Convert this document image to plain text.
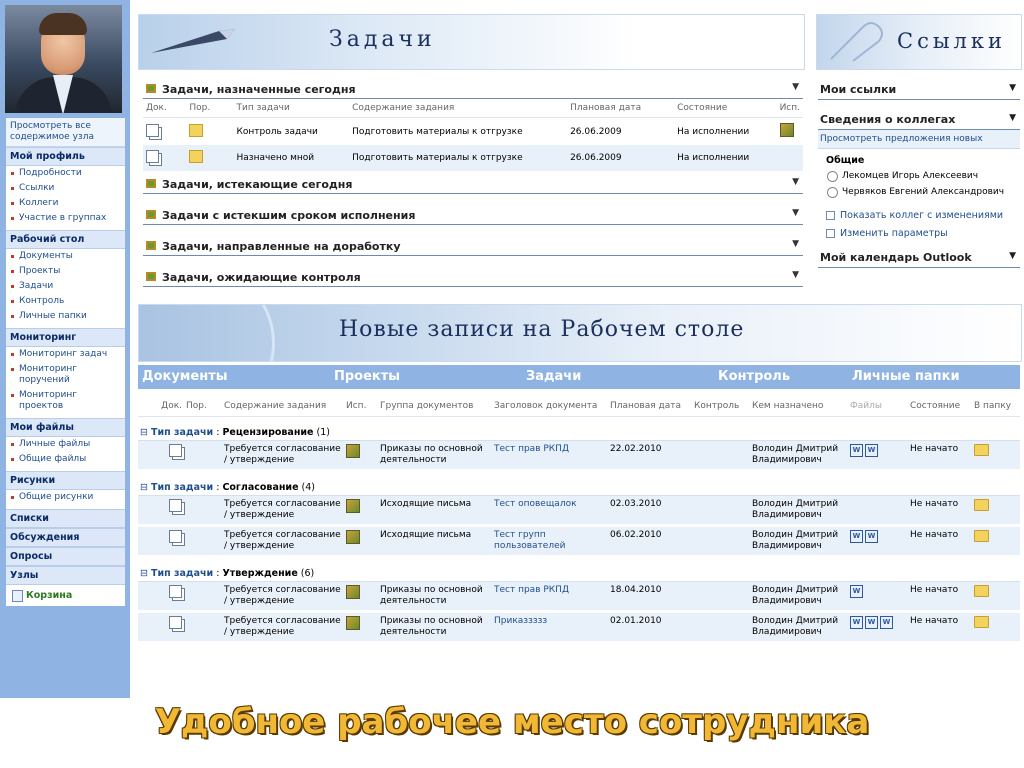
Просмотреть все содержимое узла
Мой профиль
Подробности
Ссылки
Коллеги
Участие в группах
Рабочий стол
Документы
Проекты
Задачи
Контроль
Личные папки
Мониторинг
Мониторинг задач
Мониторинг поручений
Мониторинг проектов
Мои файлы
Личные файлы
Общие файлы
Рисунки
Общие рисунки
Списки
Обсуждения
Опросы
Узлы
Корзина
Задачи
Задачи, назначенные сегодня	▼
Док.	Пор.	Тип задачи	Содержание задания	Плановая дата	Состояние	Исп.
		Контроль задачи	Подготовить материалы к отгрузке	26.06.2009	На исполнении	
		Назначено мной	Подготовить материалы к отгрузке	26.06.2009	На исполнении	
Задачи, истекающие сегодня	▼
Задачи с истекшим сроком исполнения	▼
Задачи, направленные на доработку	▼
Задачи, ожидающие контроля	▼
Ссылки
Мои ссылки	▼
Сведения о коллегах	▼
Просмотреть предложения новых
Общие
Лекомцев Игорь Алексеевич
Червяков Евгений Александрович
Показать коллег с изменениями
Изменить параметры
Мой календарь Outlook	▼
Новые записи на Рабочем столе
Документы	Проекты	Задачи	Контроль	Личные папки
Док.	Пор.	Содержание задания	Исп.	Группа документов	Заголовок документа	Плановая дата	Контроль	Кем назначено	Файлы	Состояние	В папку
⊟ Тип задачи : Рецензирование (1)											
		Требуется согласование / утверждение		Приказы по основной деятельности	Тест прав РКПД	22.02.2010		Володин Дмитрий Владимирович	W W	Не начато	
⊟ Тип задачи : Согласование (4)											
		Требуется согласование / утверждение		Исходящие письма	Тест оповещалок	02.03.2010		Володин Дмитрий Владимирович		Не начато	
		Требуется согласование / утверждение		Исходящие письма	Тест групп пользователей	06.02.2010		Володин Дмитрий Владимирович	W W	Не начато	
⊟ Тип задачи : Утверждение (6)											
		Требуется согласование / утверждение		Приказы по основной деятельности	Тест прав РКПД	18.04.2010		Володин Дмитрий Владимирович	W	Не начато	
		Требуется согласование / утверждение		Приказы по основной деятельности	Приказзззз	02.01.2010		Володин Дмитрий Владимирович	W W W	Не начато	
Удобное рабочее место сотрудника
